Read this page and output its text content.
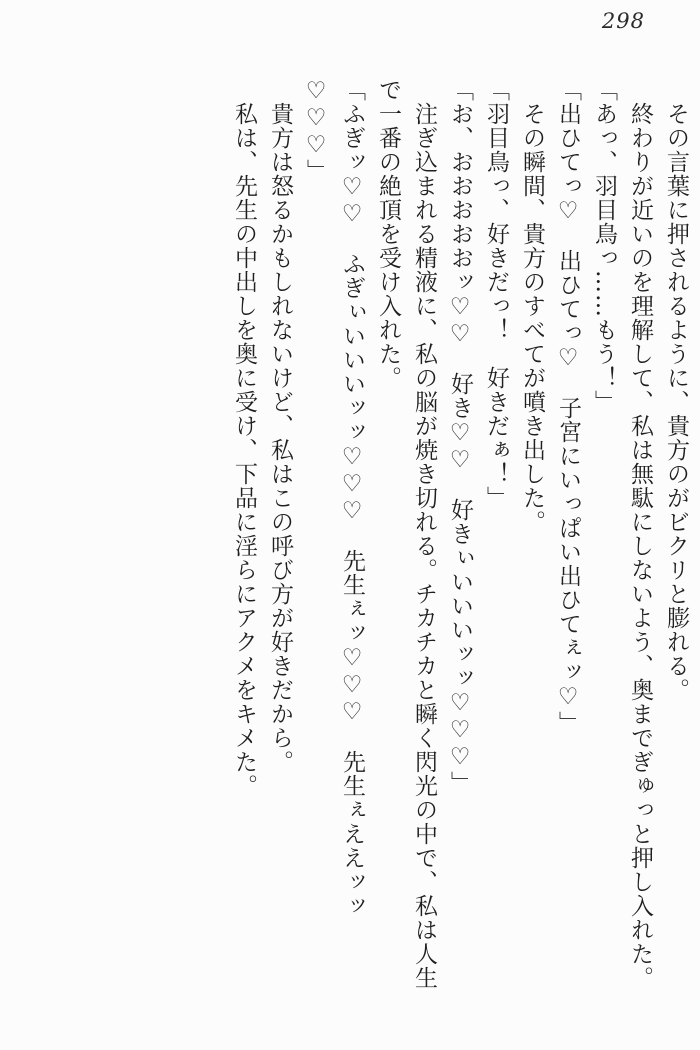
298

その言葉に押されるように、貴方のがビクリと膨れる。

終わりが近いのを理解して、私は無駄にしないよう、奥までぎゅっと押し入れた。

「あっ、羽目鳥っ……もう！」

「出ひてっ♡　出ひてっ♡　子宮にいっぱい出ひてぇッ♡」

その瞬間、貴方のすべてが噴き出した。

「羽目鳥っ、好きだっ！　好きだぁ！」

「お、おおおおおッ♡♡　好き♡♡　好きぃいいいッッ♡♡♡」

注ぎ込まれる精液に、私の脳が焼き切れる。チカチカと瞬く閃光の中で、私は人生で一番の絶頂を受け入れた。

「ふぎッ♡♡　ふぎぃいいいッッ♡♡♡　先生ぇッ♡♡♡　先生ぇええッッ♡♡♡」

貴方は怒るかもしれないけど、私はこの呼び方が好きだから。

私は、先生の中出しを奥に受け、下品に淫らにアクメをキメた。
